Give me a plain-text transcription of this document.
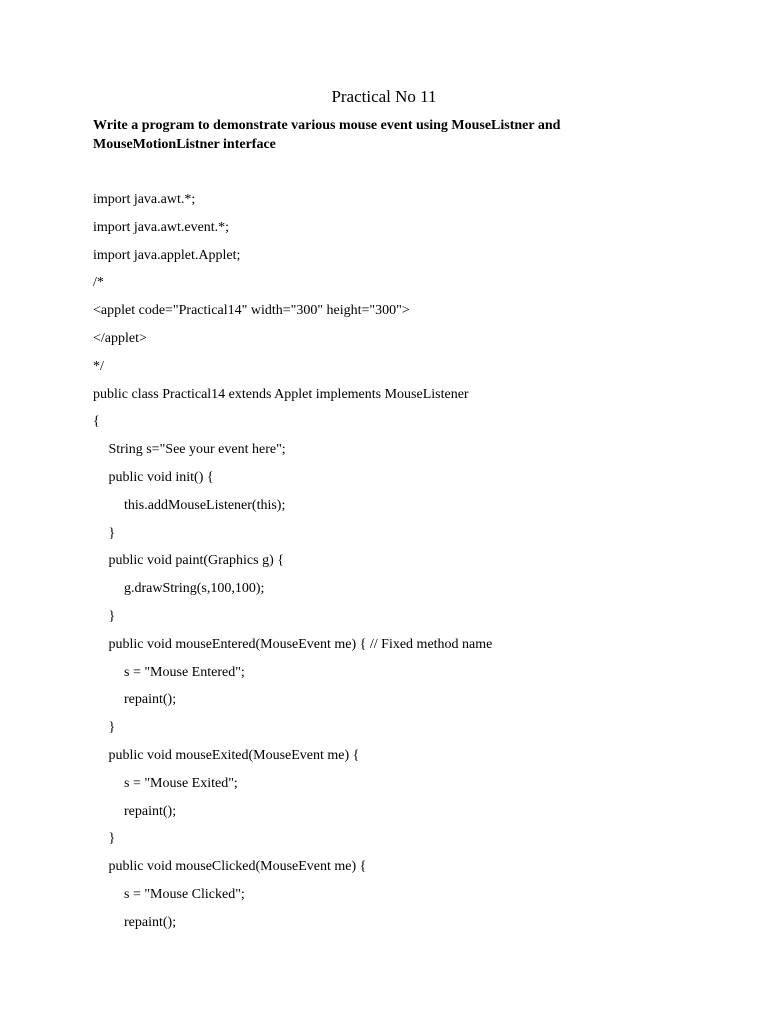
Practical No 11
Write a program to demonstrate various mouse event using MouseListner and
MouseMotionListner interface
import java.awt.*;
import java.awt.event.*;
import java.applet.Applet;
/*
<applet code="Practical14" width="300" height="300">
</applet>
*/
public class Practical14 extends Applet implements MouseListener
{
String s="See your event here";
public void init() {
this.addMouseListener(this);
}
public void paint(Graphics g) {
g.drawString(s,100,100);
}
public void mouseEntered(MouseEvent me) { // Fixed method name
s = "Mouse Entered";
repaint();
}
public void mouseExited(MouseEvent me) {
s = "Mouse Exited";
repaint();
}
public void mouseClicked(MouseEvent me) {
s = "Mouse Clicked";
repaint();
